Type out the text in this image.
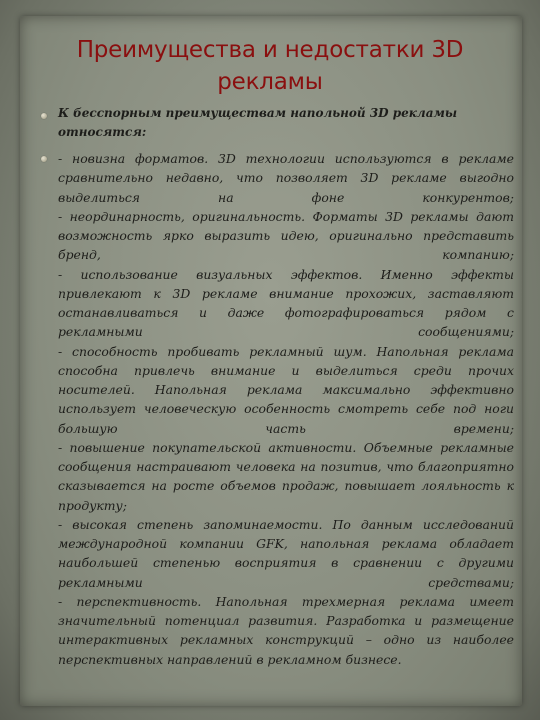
Преимущества и недостатки 3D рекламы
К бесспорным преимуществам напольной 3D рекламы относятся:

- новизна форматов. 3D технологии используются в рекламе сравнительно недавно, что позволяет 3D рекламе выгодно выделиться на фоне конкурентов;

- неординарность, оригинальность. Форматы 3D рекламы дают возможность ярко выразить идею, оригинально представить бренд, компанию;

- использование визуальных эффектов. Именно эффекты привлекают к 3D рекламе внимание прохожих, заставляют останавливаться и даже фотографироваться рядом с рекламными сообщениями;

- способность пробивать рекламный шум. Напольная реклама способна привлечь внимание и выделиться среди прочих носителей. Напольная реклама максимально эффективно использует человеческую особенность смотреть себе под ноги большую часть времени;

- повышение покупательской активности. Объемные рекламные сообщения настраивают человека на позитив, что благоприятно сказывается на росте объемов продаж, повышает лояльность к продукту;

- высокая степень запоминаемости. По данным исследований международной компании GFK, напольная реклама обладает наибольшей степенью восприятия в сравнении с другими рекламными средствами;

- перспективность. Напольная трехмерная реклама имеет значительный потенциал развития. Разработка и размещение интерактивных рекламных конструкций – одно из наиболее перспективных направлений в рекламном бизнесе.
